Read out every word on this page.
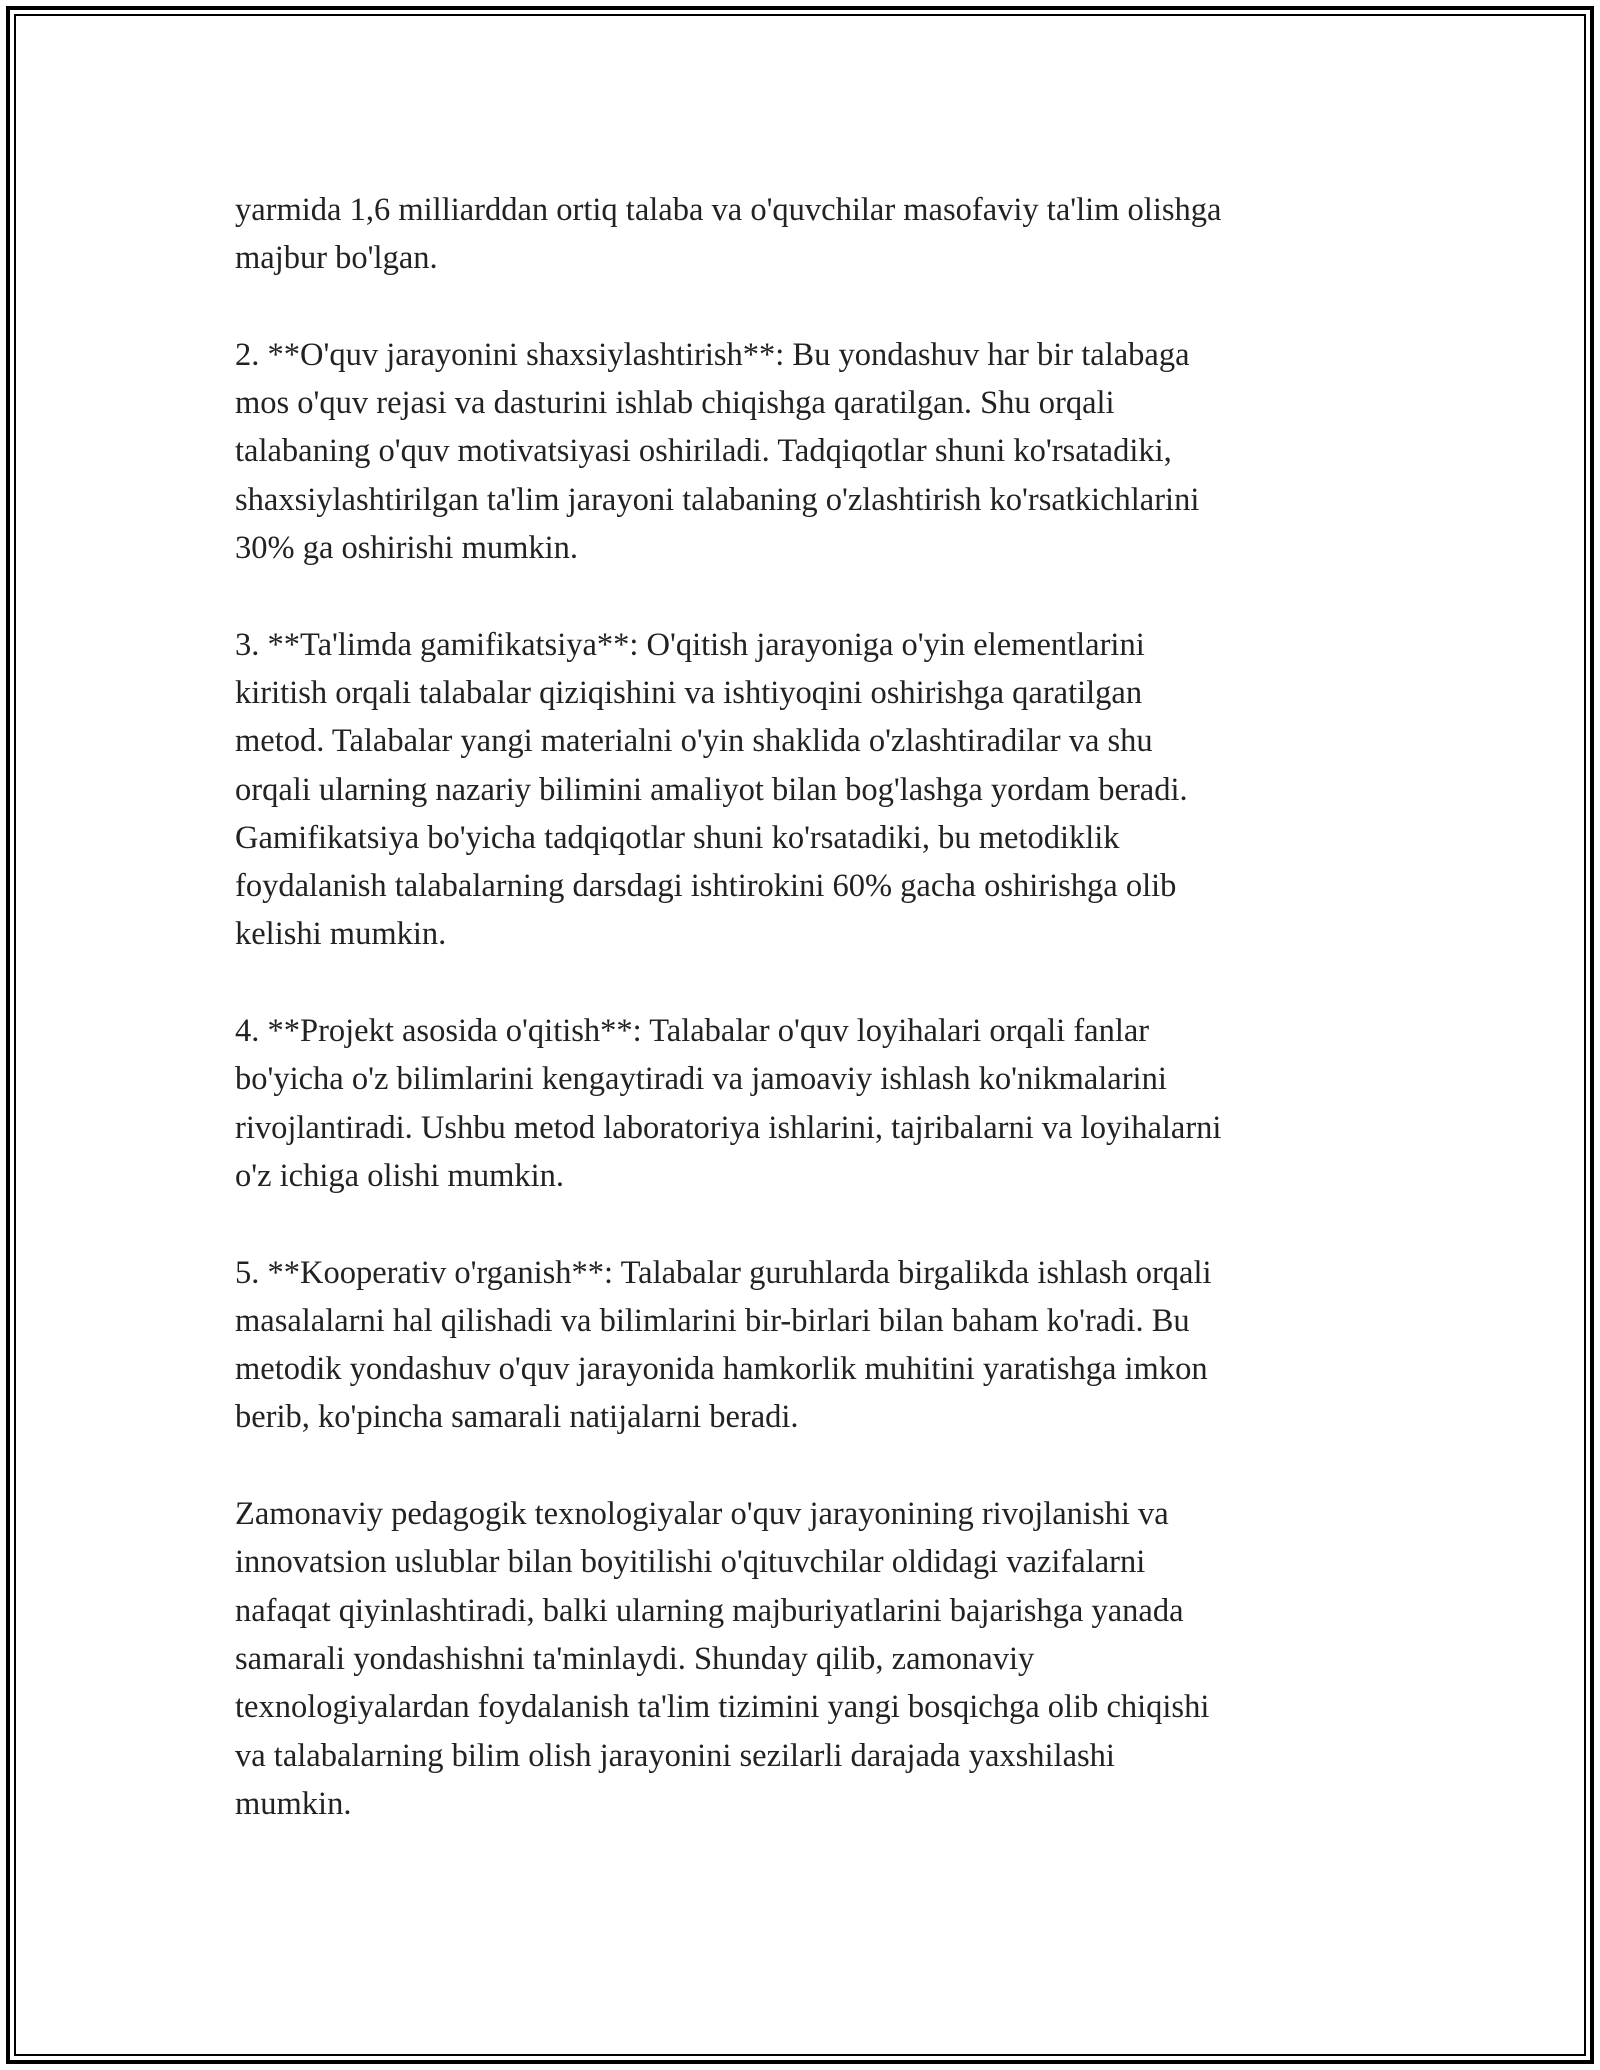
yarmida 1,6 milliarddan ortiq talaba va o'quvchilar masofaviy ta'lim olishga
majbur bo'lgan.
2. **O'quv jarayonini shaxsiylashtirish**: Bu yondashuv har bir talabaga
mos o'quv rejasi va dasturini ishlab chiqishga qaratilgan. Shu orqali
talabaning o'quv motivatsiyasi oshiriladi. Tadqiqotlar shuni ko'rsatadiki,
shaxsiylashtirilgan ta'lim jarayoni talabaning o'zlashtirish ko'rsatkichlarini
30% ga oshirishi mumkin.
3. **Ta'limda gamifikatsiya**: O'qitish jarayoniga o'yin elementlarini
kiritish orqali talabalar qiziqishini va ishtiyoqini oshirishga qaratilgan
metod. Talabalar yangi materialni o'yin shaklida o'zlashtiradilar va shu
orqali ularning nazariy bilimini amaliyot bilan bog'lashga yordam beradi.
Gamifikatsiya bo'yicha tadqiqotlar shuni ko'rsatadiki, bu metodiklik
foydalanish talabalarning darsdagi ishtirokini 60% gacha oshirishga olib
kelishi mumkin.
4. **Projekt asosida o'qitish**: Talabalar o'quv loyihalari orqali fanlar
bo'yicha o'z bilimlarini kengaytiradi va jamoaviy ishlash ko'nikmalarini
rivojlantiradi. Ushbu metod laboratoriya ishlarini, tajribalarni va loyihalarni
o'z ichiga olishi mumkin.
5. **Kooperativ o'rganish**: Talabalar guruhlarda birgalikda ishlash orqali
masalalarni hal qilishadi va bilimlarini bir-birlari bilan baham ko'radi. Bu
metodik yondashuv o'quv jarayonida hamkorlik muhitini yaratishga imkon
berib, ko'pincha samarali natijalarni beradi.
Zamonaviy pedagogik texnologiyalar o'quv jarayonining rivojlanishi va
innovatsion uslublar bilan boyitilishi o'qituvchilar oldidagi vazifalarni
nafaqat qiyinlashtiradi, balki ularning majburiyatlarini bajarishga yanada
samarali yondashishni ta'minlaydi. Shunday qilib, zamonaviy
texnologiyalardan foydalanish ta'lim tizimini yangi bosqichga olib chiqishi
va talabalarning bilim olish jarayonini sezilarli darajada yaxshilashi
mumkin.
